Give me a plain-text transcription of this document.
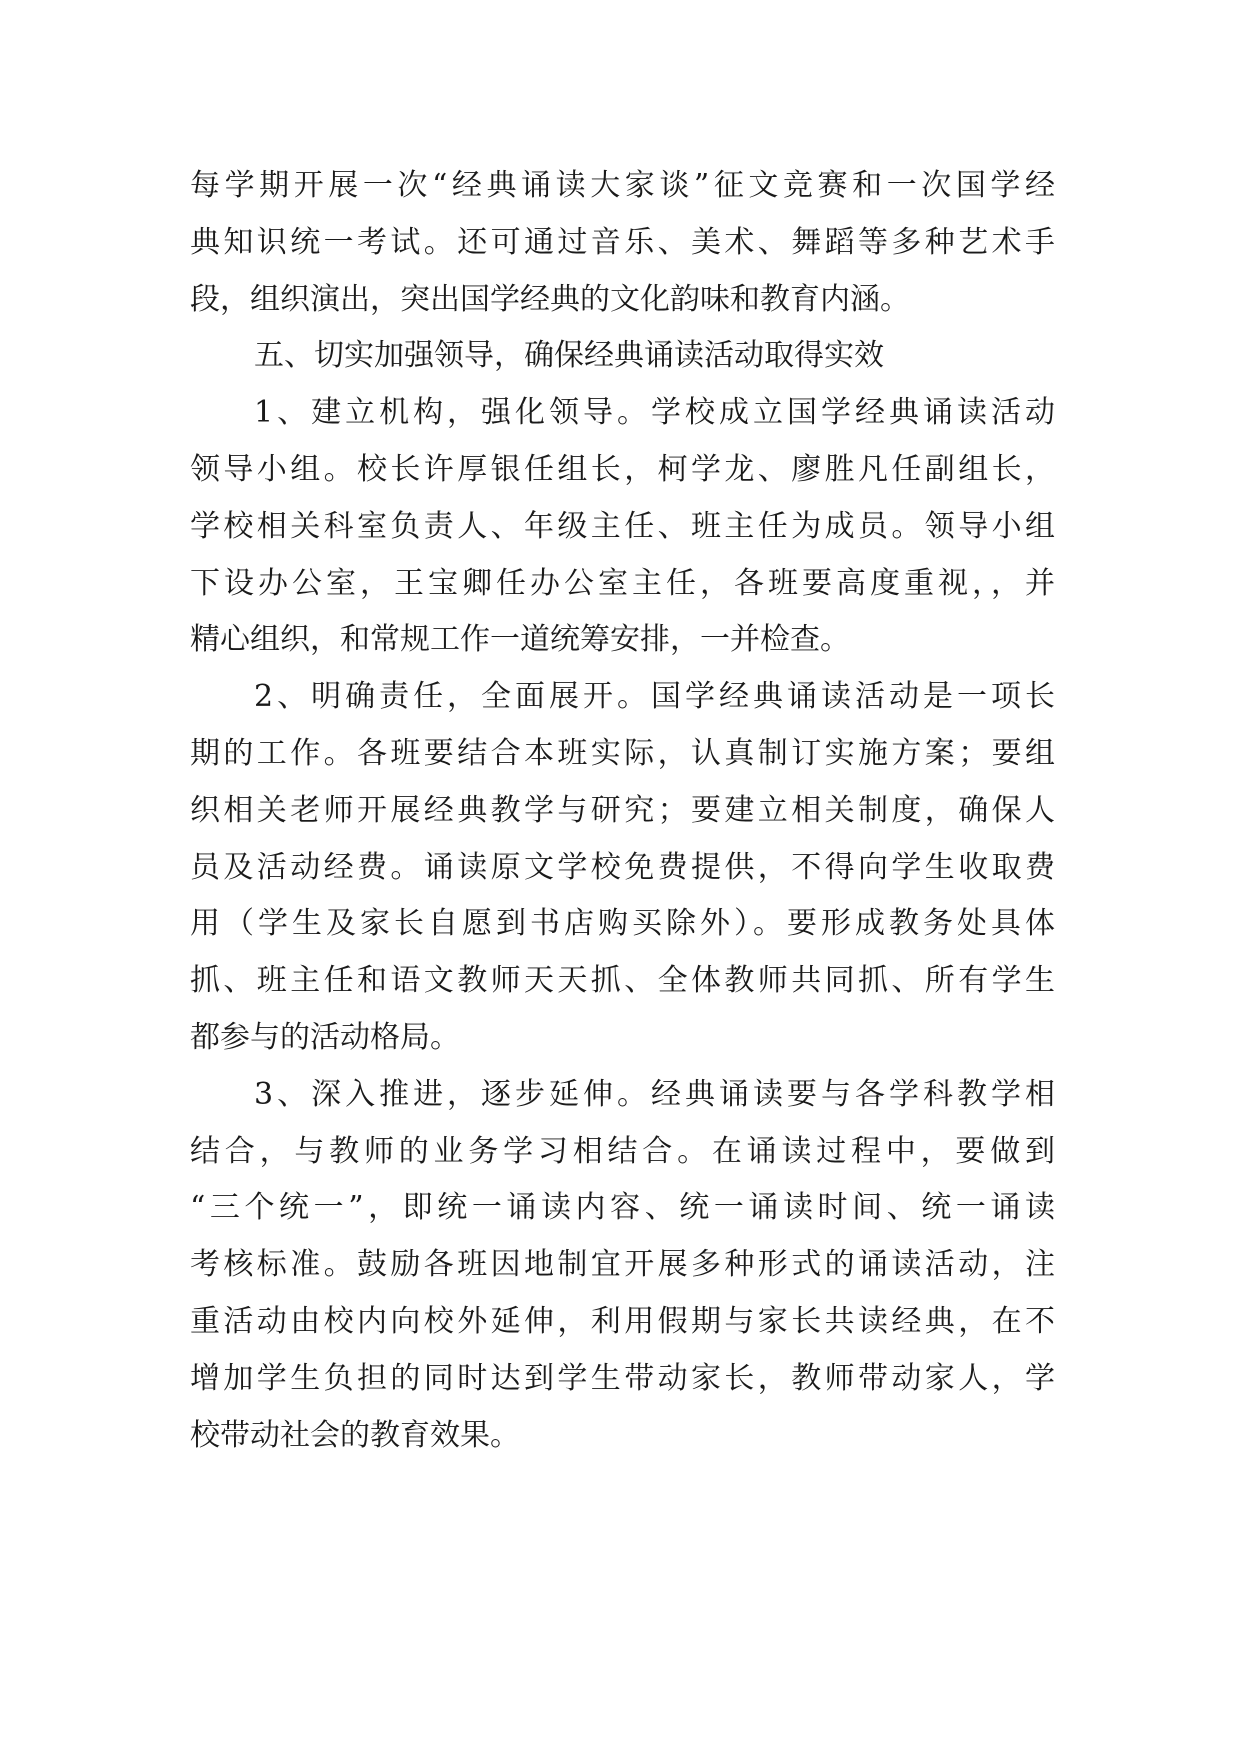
每学期开展一次“经典诵读大家谈”征文竞赛和一次国学经
典知识统一考试。还可通过音乐、美术、舞蹈等多种艺术手
段，组织演出，突出国学经典的文化韵味和教育内涵。
五、切实加强领导，确保经典诵读活动取得实效
1、建立机构，强化领导。学校成立国学经典诵读活动
领导小组。校长许厚银任组长，柯学龙、廖胜凡任副组长，
学校相关科室负责人、年级主任、班主任为成员。领导小组
下设办公室，王宝卿任办公室主任，各班要高度重视，，并
精心组织，和常规工作一道统筹安排，一并检查。
2、明确责任，全面展开。国学经典诵读活动是一项长
期的工作。各班要结合本班实际，认真制订实施方案；要组
织相关老师开展经典教学与研究；要建立相关制度，确保人
员及活动经费。诵读原文学校免费提供，不得向学生收取费
用（学生及家长自愿到书店购买除外）。要形成教务处具体
抓、班主任和语文教师天天抓、全体教师共同抓、所有学生
都参与的活动格局。
3、深入推进，逐步延伸。经典诵读要与各学科教学相
结合，与教师的业务学习相结合。在诵读过程中，要做到
“三个统一”，即统一诵读内容、统一诵读时间、统一诵读
考核标准。鼓励各班因地制宜开展多种形式的诵读活动，注
重活动由校内向校外延伸，利用假期与家长共读经典，在不
增加学生负担的同时达到学生带动家长，教师带动家人，学
校带动社会的教育效果。
